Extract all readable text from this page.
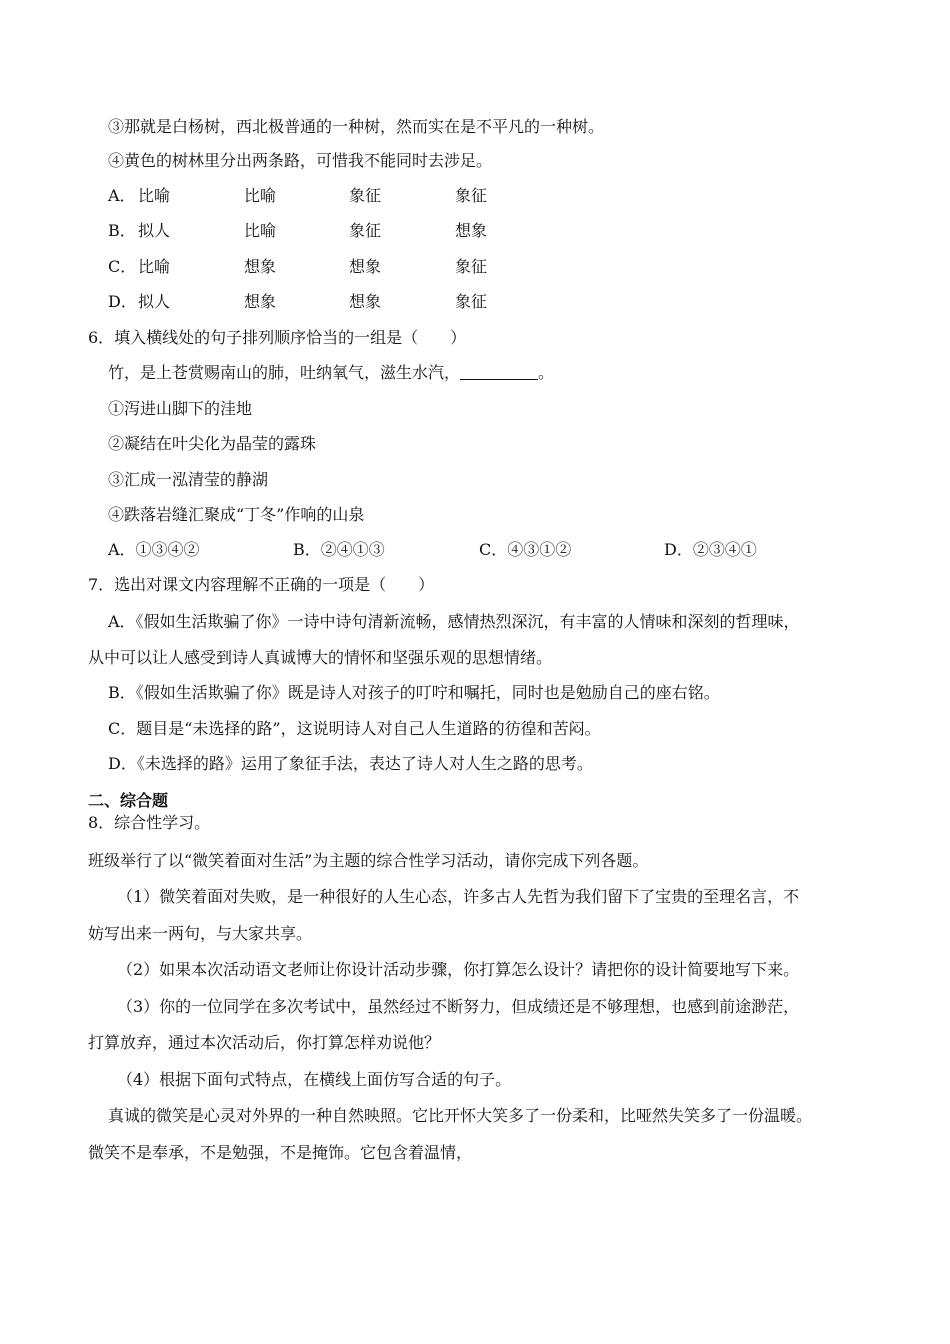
③那就是白杨树，西北极普通的一种树，然而实在是不平凡的一种树。
④黄色的树林里分出两条路，可惜我不能同时去涉足。
A． 比喻	比喻	象征	象征
B． 拟人	比喻	象征	想象
C． 比喻	想象	想象	象征
D． 拟人	想象	想象	象征
6．填入横线处的句子排列顺序恰当的一组是（　　）
竹，是上苍赏赐南山的肺，吐纳氧气，滋生水汽，	。
①泻进山脚下的洼地
②凝结在叶尖化为晶莹的露珠
③汇成一泓清莹的静湖
④跌落岩缝汇聚成“丁冬”作响的山泉
A．①③④②	B．②④①③	C．④③①②	D．②③④①
7．选出对课文内容理解不正确的一项是（　　）
A．《假如生活欺骗了你》一诗中诗句清新流畅，感情热烈深沉，有丰富的人情味和深刻的哲理味，
从中可以让人感受到诗人真诚博大的情怀和坚强乐观的思想情绪。
B．《假如生活欺骗了你》既是诗人对孩子的叮咛和嘱托，同时也是勉励自己的座右铭。
C．题目是“未选择的路”，这说明诗人对自己人生道路的彷徨和苦闷。
D．《未选择的路》运用了象征手法，表达了诗人对人生之路的思考。
二、综合题
8．综合性学习。
班级举行了以“微笑着面对生活”为主题的综合性学习活动，请你完成下列各题。
（1）微笑着面对失败，是一种很好的人生心态，许多古人先哲为我们留下了宝贵的至理名言，不
妨写出来一两句，与大家共享。
（2）如果本次活动语文老师让你设计活动步骤，你打算怎么设计？请把你的设计简要地写下来。
（3）你的一位同学在多次考试中，虽然经过不断努力，但成绩还是不够理想，也感到前途渺茫，
打算放弃，通过本次活动后，你打算怎样劝说他？
（4）根据下面句式特点，在横线上面仿写合适的句子。
真诚的微笑是心灵对外界的一种自然映照。它比开怀大笑多了一份柔和，比哑然失笑多了一份温暖。
微笑不是奉承，不是勉强，不是掩饰。它包含着温情，
